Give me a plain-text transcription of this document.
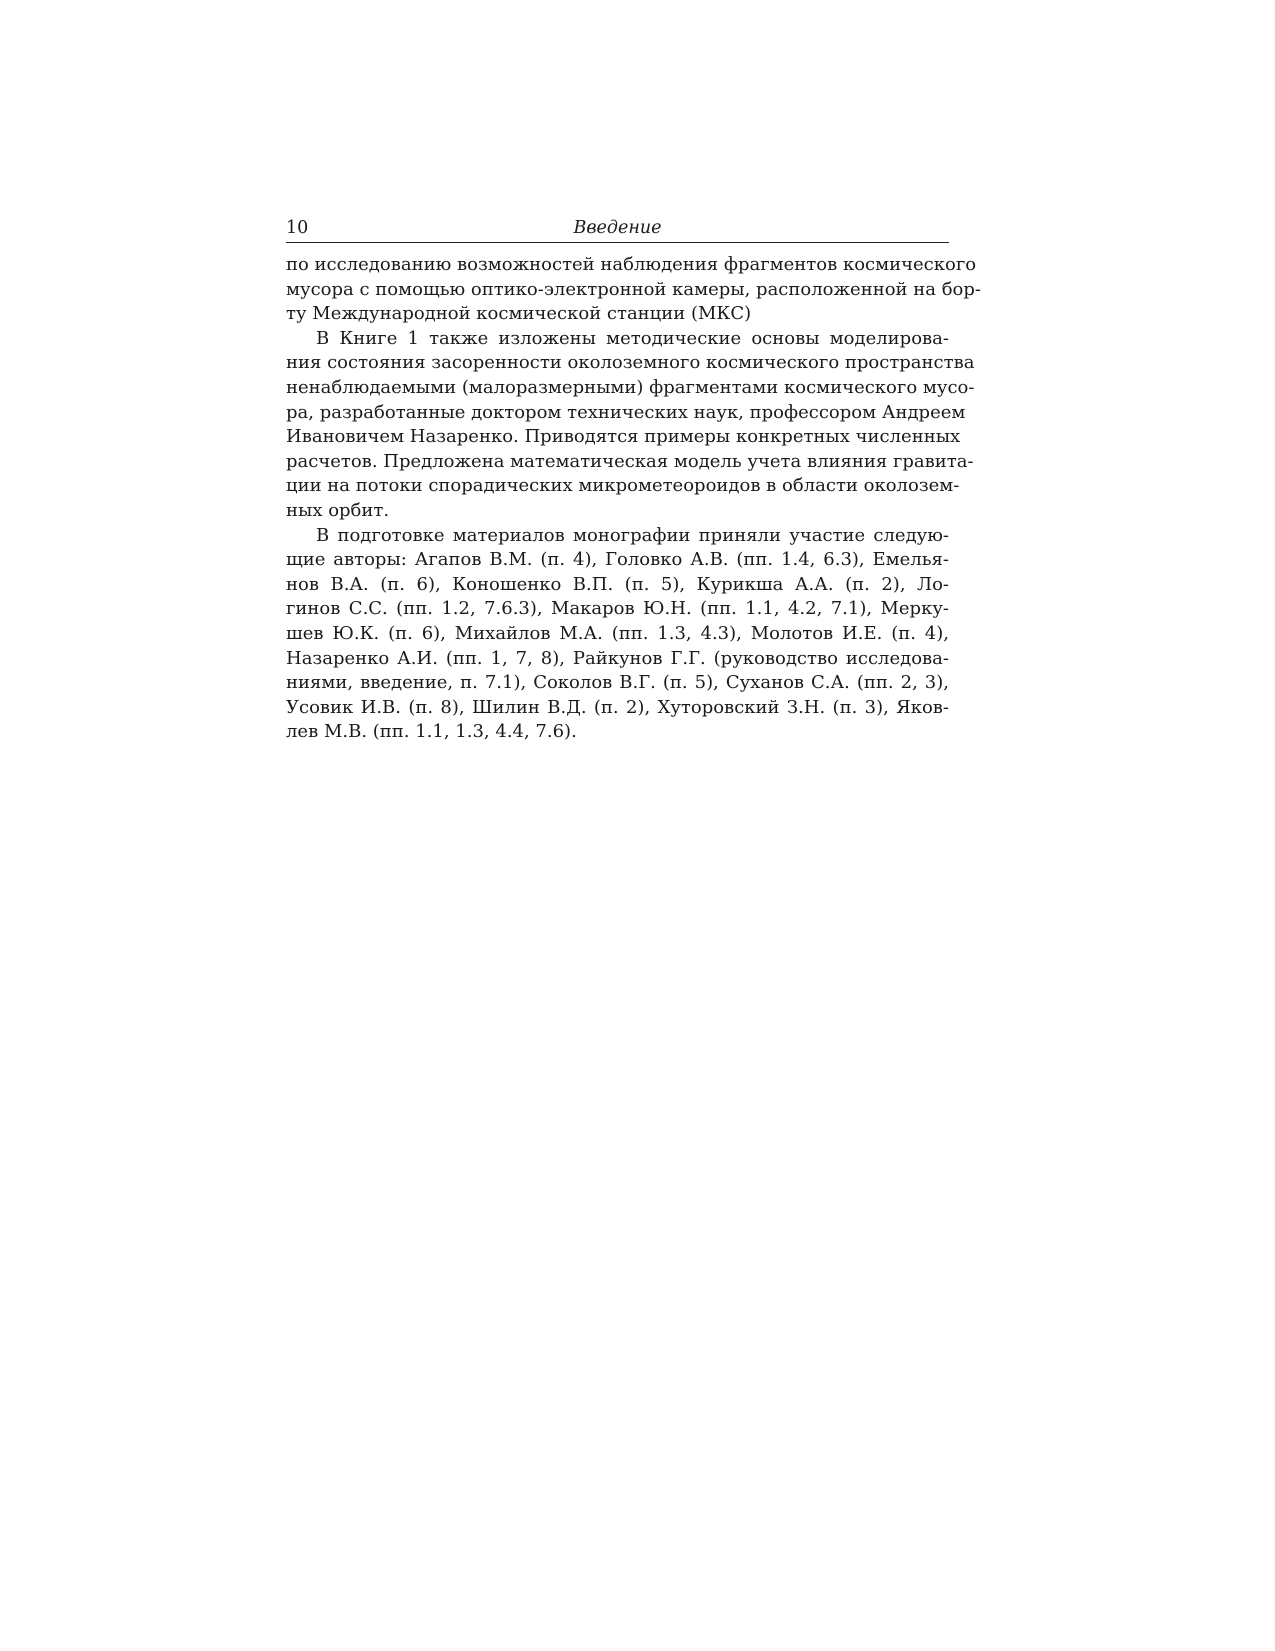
10	Введение
по исследованию возможностей наблюдения фрагментов космического
мусора с помощью оптико-электронной камеры, расположенной на бор-
ту Международной космической станции (МКС)
В Книге 1 также изложены методические основы моделирова-
ния состояния засоренности околоземного космического пространства
ненаблюдаемыми (малоразмерными) фрагментами космического мусо-
ра, разработанные доктором технических наук, профессором Андреем
Ивановичем Назаренко. Приводятся примеры конкретных численных
расчетов. Предложена математическая модель учета влияния гравита-
ции на потоки спорадических микрометеороидов в области околозем-
ных орбит.
В подготовке материалов монографии приняли участие следую-
щие авторы: Агапов В.М. (п. 4), Головко А.В. (пп. 1.4, 6.3), Емелья-
нов В.А. (п. 6), Коношенко В.П. (п. 5), Курикша А.А. (п. 2), Ло-
гинов С.С. (пп. 1.2, 7.6.3), Макаров Ю.Н. (пп. 1.1, 4.2, 7.1), Мерку-
шев Ю.К. (п. 6), Михайлов М.А. (пп. 1.3, 4.3), Молотов И.Е. (п. 4),
Назаренко А.И. (пп. 1, 7, 8), Райкунов Г.Г. (руководство исследова-
ниями, введение, п. 7.1), Соколов В.Г. (п. 5), Суханов С.А. (пп. 2, 3),
Усовик И.В. (п. 8), Шилин В.Д. (п. 2), Хуторовский З.Н. (п. 3), Яков-
лев М.В. (пп. 1.1, 1.3, 4.4, 7.6).
